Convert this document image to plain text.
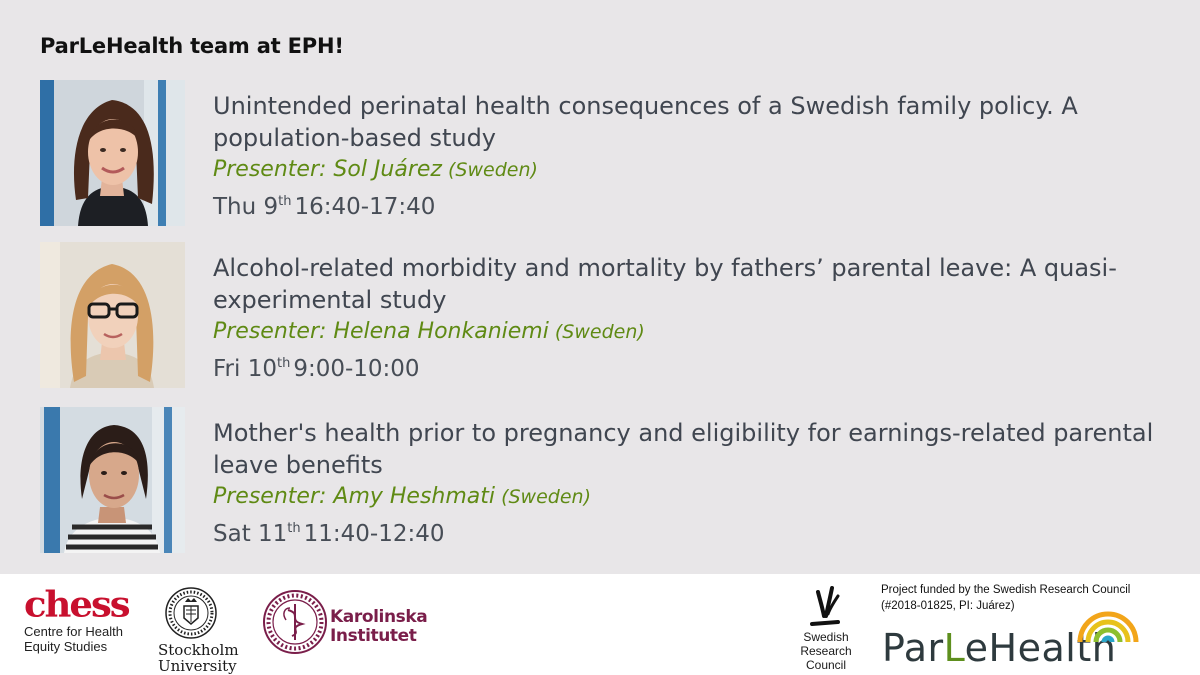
ParLeHealth team at EPH!
Unintended perinatal health consequences of a Swedish family policy. A population-based study
Presenter: Sol Juárez (Sweden)
Thu 9th 16:40-17:40
Alcohol-related morbidity and mortality by fathers’ parental leave: A quasi-experimental study
Presenter: Helena Honkaniemi (Sweden)
Fri 10th 9:00-10:00
Mother's health prior to pregnancy and eligibility for earnings-related parental leave benefits
Presenter: Amy Heshmati (Sweden)
Sat 11th 11:40-12:40
chess
Centre for Health
Equity Studies	Stockholm
University
Karolinska
Institutet	Swedish
Research Council
Project funded by the Swedish Research Council
(#2018-01825, PI: Juárez)
ParLeHealth
